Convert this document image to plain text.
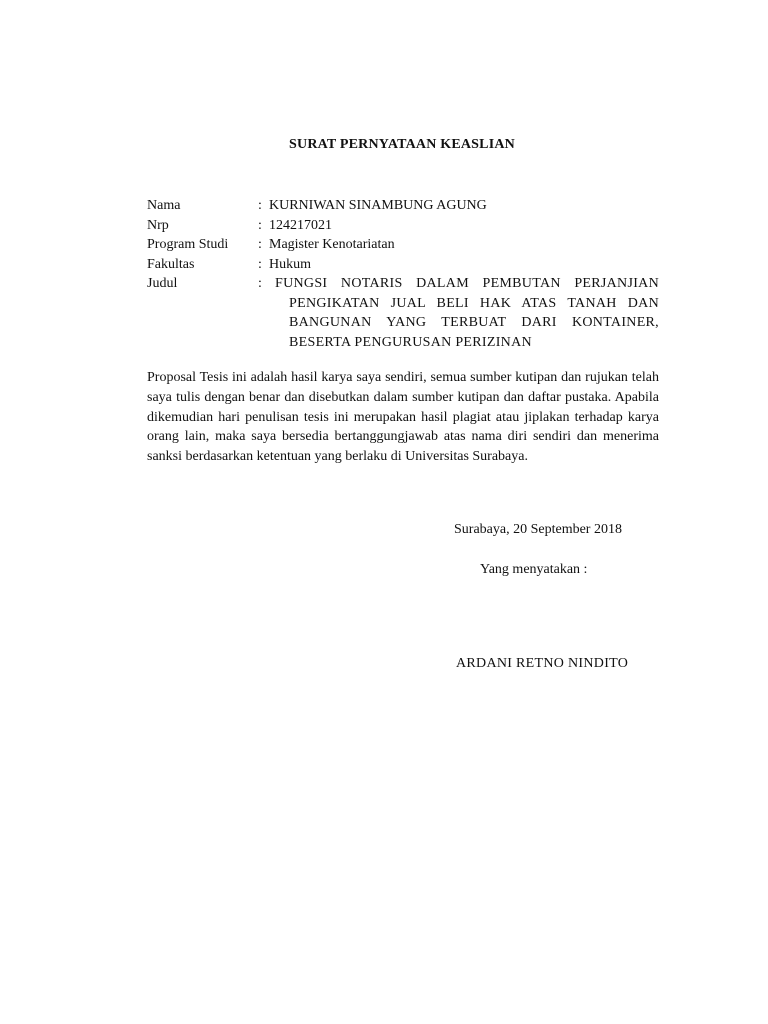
SURAT PERNYATAAN KEASLIAN
Nama	: KURNIWAN SINAMBUNG AGUNG
Nrp	: 124217021
Program Studi	: Magister Kenotariatan
Fakultas	: Hukum
Judul	: FUNGSI NOTARIS DALAM PEMBUTAN PERJANJIAN
PENGIKATAN JUAL BELI HAK ATAS TANAH DAN
BANGUNAN YANG TERBUAT DARI KONTAINER,
BESERTA PENGURUSAN PERIZINAN
Proposal Tesis ini adalah hasil karya saya sendiri, semua sumber kutipan dan rujukan telah saya tulis dengan benar dan disebutkan dalam sumber kutipan dan daftar pustaka. Apabila dikemudian hari penulisan tesis ini merupakan hasil plagiat atau jiplakan terhadap karya orang lain, maka saya bersedia bertanggungjawab atas nama diri sendiri dan menerima sanksi berdasarkan ketentuan yang berlaku di Universitas Surabaya.
Surabaya, 20 September 2018
Yang menyatakan :
ARDANI RETNO NINDITO
